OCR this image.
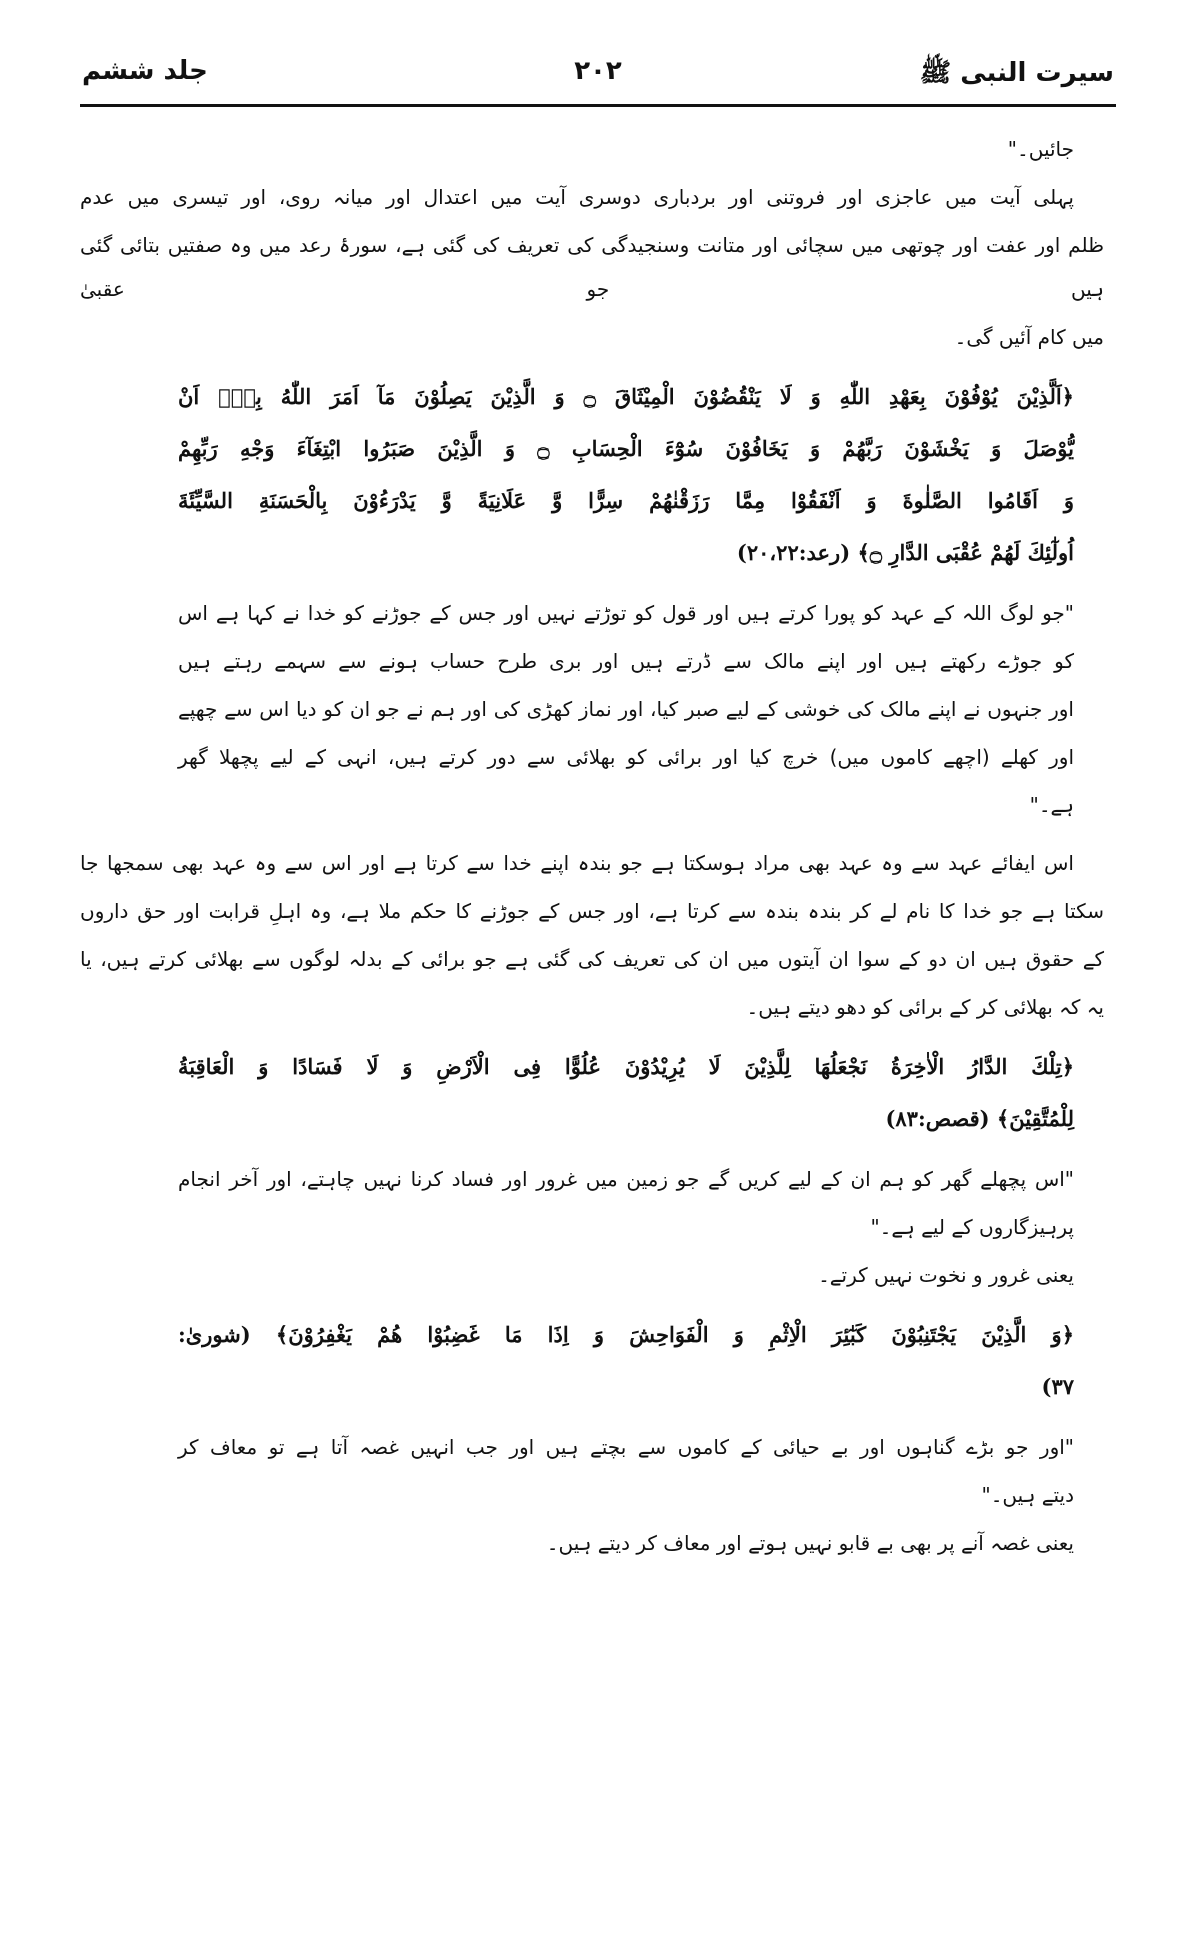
سیرت النبی ﷺ
۲۰۲
جلد ششم
جائیں۔"
پہلی آیت میں عاجزی اور فروتنی اور بردباری دوسری آیت میں اعتدال اور میانہ روی، اور تیسری میں عدم
ظلم اور عفت اور چوتھی میں سچائی اور متانت وسنجیدگی کی تعریف کی گئی ہے، سورۂ رعد میں وہ صفتیں بتائی گئی ہیں جو عقبیٰ
میں کام آئیں گی۔
﴿اَلَّذِیْنَ یُوْفُوْنَ بِعَهْدِ اللّٰهِ وَ لَا یَنْقُضُوْنَ الْمِیْثَاقَ ۝ وَ الَّذِیْنَ یَصِلُوْنَ مَآ اَمَرَ اللّٰهُ بِهٖٓ اَنْ
یُّوْصَلَ وَ یَخْشَوْنَ رَبَّهُمْ وَ یَخَافُوْنَ سُوْٓءَ الْحِسَابِ ۝ وَ الَّذِیْنَ صَبَرُوا ابْتِغَآءَ وَجْهِ رَبِّهِمْ
وَ اَقَامُوا الصَّلٰوةَ وَ اَنْفَقُوْا مِمَّا رَزَقْنٰهُمْ سِرًّا وَّ عَلَانِیَةً وَّ یَدْرَءُوْنَ بِالْحَسَنَةِ السَّیِّئَةَ
اُولٰٓئِكَ لَهُمْ عُقْبَى الدَّارِ ۝﴾ (رعد:۲۰،۲۲)
"جو لوگ اللہ کے عہد کو پورا کرتے ہیں اور قول کو توڑتے نہیں اور جس کے جوڑنے کو خدا نے کہا ہے اس
کو جوڑے رکھتے ہیں اور اپنے مالک سے ڈرتے ہیں اور بری طرح حساب ہونے سے سہمے رہتے ہیں
اور جنہوں نے اپنے مالک کی خوشی کے لیے صبر کیا، اور نماز کھڑی کی اور ہم نے جو ان کو دیا اس سے چھپے
اور کھلے (اچھے کاموں میں) خرچ کیا اور برائی کو بھلائی سے دور کرتے ہیں، انہی کے لیے پچھلا گھر
ہے۔"
اس ایفائے عہد سے وہ عہد بھی مراد ہوسکتا ہے جو بندہ اپنے خدا سے کرتا ہے اور اس سے وہ عہد بھی سمجھا جا
سکتا ہے جو خدا کا نام لے کر بندہ بندہ سے کرتا ہے، اور جس کے جوڑنے کا حکم ملا ہے، وہ اہلِ قرابت اور حق داروں
کے حقوق ہیں ان دو کے سوا ان آیتوں میں ان کی تعریف کی گئی ہے جو برائی کے بدلہ لوگوں سے بھلائی کرتے ہیں، یا
یہ کہ بھلائی کر کے برائی کو دھو دیتے ہیں۔
﴿تِلْكَ الدَّارُ الْاٰخِرَةُ نَجْعَلُهَا لِلَّذِیْنَ لَا یُرِیْدُوْنَ عُلُوًّا فِی الْاَرْضِ وَ لَا فَسَادًا وَ الْعَاقِبَةُ
لِلْمُتَّقِیْنَ﴾ (قصص:۸۳)
"اس پچھلے گھر کو ہم ان کے لیے کریں گے جو زمین میں غرور اور فساد کرنا نہیں چاہتے، اور آخر انجام
پرہیزگاروں کے لیے ہے۔"
یعنی غرور و نخوت نہیں کرتے۔
﴿وَ الَّذِیْنَ یَجْتَنِبُوْنَ كَبٰٓئِرَ الْاِثْمِ وَ الْفَوَاحِشَ وَ اِذَا مَا غَضِبُوْا هُمْ یَغْفِرُوْنَ﴾ (شوریٰ:
۳۷)
"اور جو بڑے گناہوں اور بے حیائی کے کاموں سے بچتے ہیں اور جب انہیں غصہ آتا ہے تو معاف کر
دیتے ہیں۔"
یعنی غصہ آنے پر بھی بے قابو نہیں ہوتے اور معاف کر دیتے ہیں۔
